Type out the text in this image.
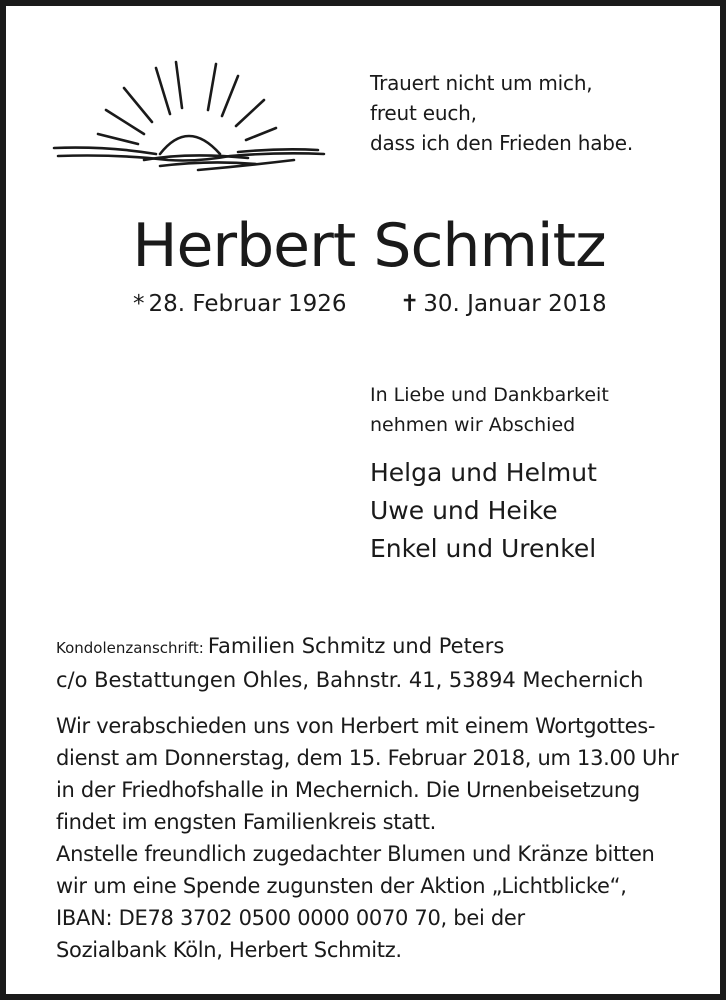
Trauert nicht um mich,
freut euch,
dass ich den Frieden habe.
Herbert Schmitz
* 28. Februar 1926 ✝ 30. Januar 2018
In Liebe und Dankbarkeit
nehmen wir Abschied
Helga und Helmut
Uwe und Heike
Enkel und Urenkel
Kondolenzanschrift: Familien Schmitz und Peters
c/o Bestattungen Ohles, Bahnstr. 41, 53894 Mechernich
Wir verabschieden uns von Herbert mit einem Wortgottes-
dienst am Donnerstag, dem 15. Februar 2018, um 13.00 Uhr
in der Friedhofshalle in Mechernich. Die Urnenbeisetzung
findet im engsten Familienkreis statt.
Anstelle freundlich zugedachter Blumen und Kränze bitten
wir um eine Spende zugunsten der Aktion „Lichtblicke“,
IBAN: DE78 3702 0500 0000 0070 70, bei der
Sozialbank Köln, Herbert Schmitz.
